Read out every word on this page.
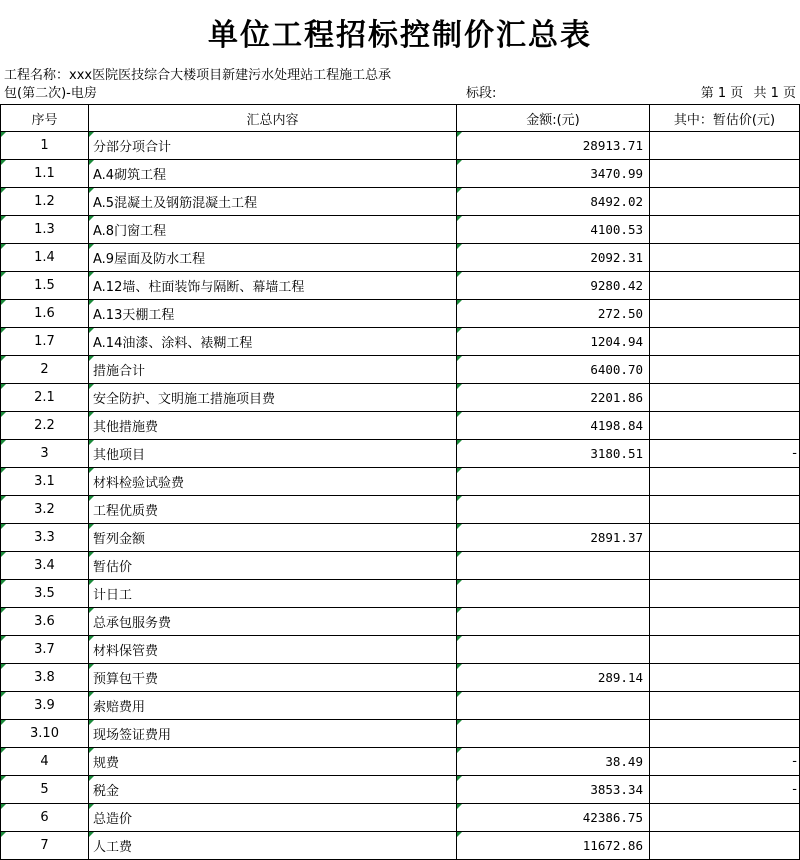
单位工程招标控制价汇总表
工程名称：xxx医院医技综合大楼项目新建污水处理站工程施工总承
包(第二次)-电房	标段:	第 1 页 共 1 页
序号	汇总内容	金额:(元)	其中：暂估价(元)
1	分部分项合计	28913.71	
1.1	A.4砌筑工程	3470.99	
1.2	A.5混凝土及钢筋混凝土工程	8492.02	
1.3	A.8门窗工程	4100.53	
1.4	A.9屋面及防水工程	2092.31	
1.5	A.12墙、柱面装饰与隔断、幕墙工程	9280.42	
1.6	A.13天棚工程	272.50	
1.7	A.14油漆、涂料、裱糊工程	1204.94	
2	措施合计	6400.70	
2.1	安全防护、文明施工措施项目费	2201.86	
2.2	其他措施费	4198.84	
3	其他项目	3180.51	-
3.1	材料检验试验费		
3.2	工程优质费		
3.3	暂列金额	2891.37	
3.4	暂估价		
3.5	计日工		
3.6	总承包服务费		
3.7	材料保管费		
3.8	预算包干费	289.14	
3.9	索赔费用		
3.10	现场签证费用		
4	规费	38.49	-
5	税金	3853.34	-
6	总造价	42386.75	
7	人工费	11672.86	
